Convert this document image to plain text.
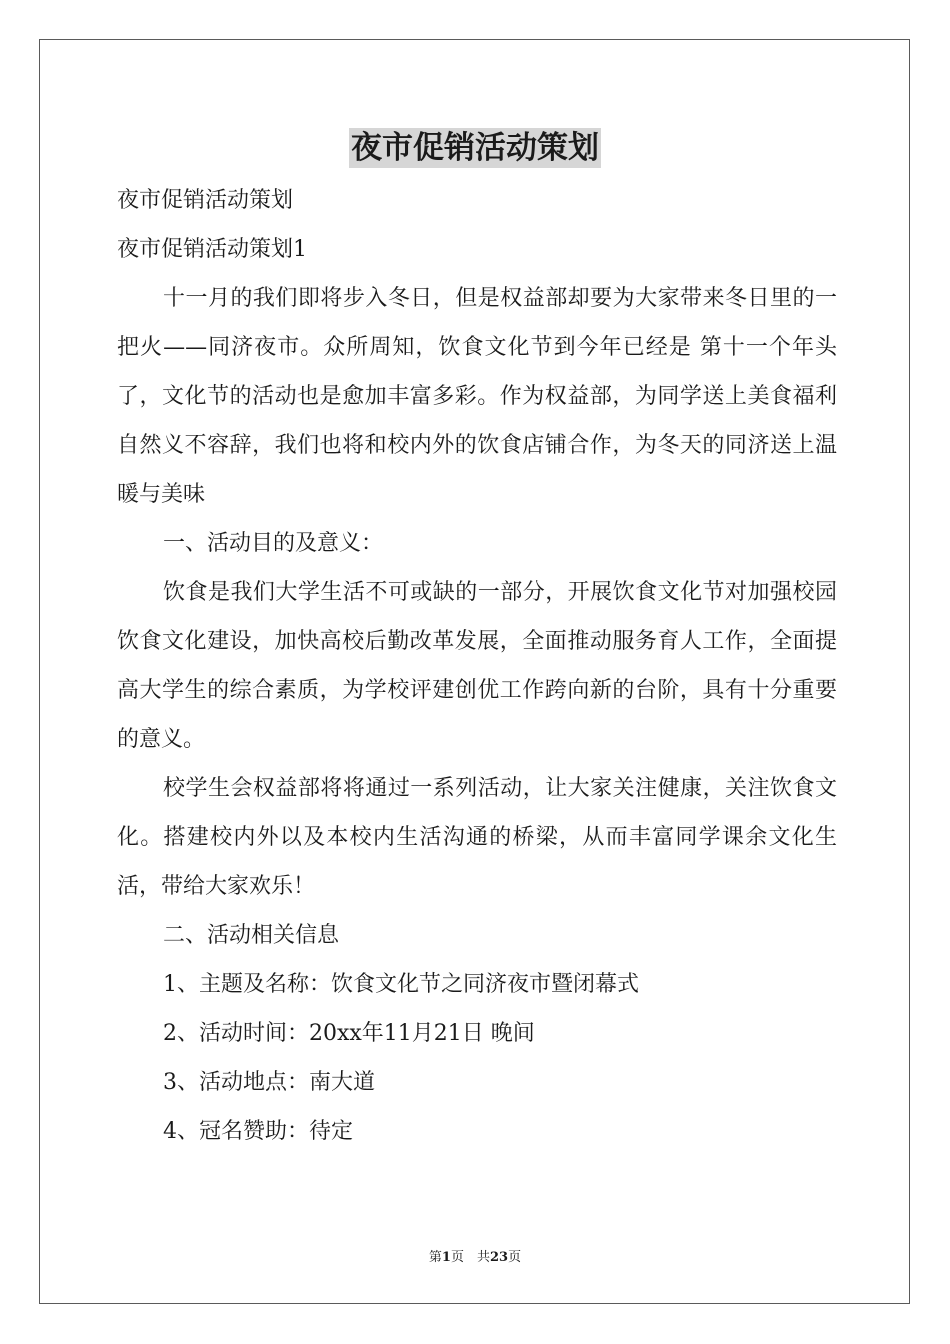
夜市促销活动策划

夜市促销活动策划

夜市促销活动策划1

十一月的我们即将步入冬日，但是权益部却要为大家带来冬日里的一把火——同济夜市。众所周知，饮食文化节到今年已经是 第十一个年头了，文化节的活动也是愈加丰富多彩。作为权益部，为同学送上美食福利自然义不容辞，我们也将和校内外的饮食店铺合作，为冬天的同济送上温暖与美味

一、活动目的及意义：

饮食是我们大学生活不可或缺的一部分，开展饮食文化节对加强校园饮食文化建设，加快高校后勤改革发展，全面推动服务育人工作，全面提高大学生的综合素质，为学校评建创优工作跨向新的台阶，具有十分重要的意义。

校学生会权益部将将通过一系列活动，让大家关注健康，关注饮食文化。搭建校内外以及本校内生活沟通的桥梁，从而丰富同学课余文化生活，带给大家欢乐！

二、活动相关信息

1、主题及名称：饮食文化节之同济夜市暨闭幕式

2、活动时间：20xx年11月21日 晚间

3、活动地点：南大道

4、冠名赞助：待定

第1页　共23页
